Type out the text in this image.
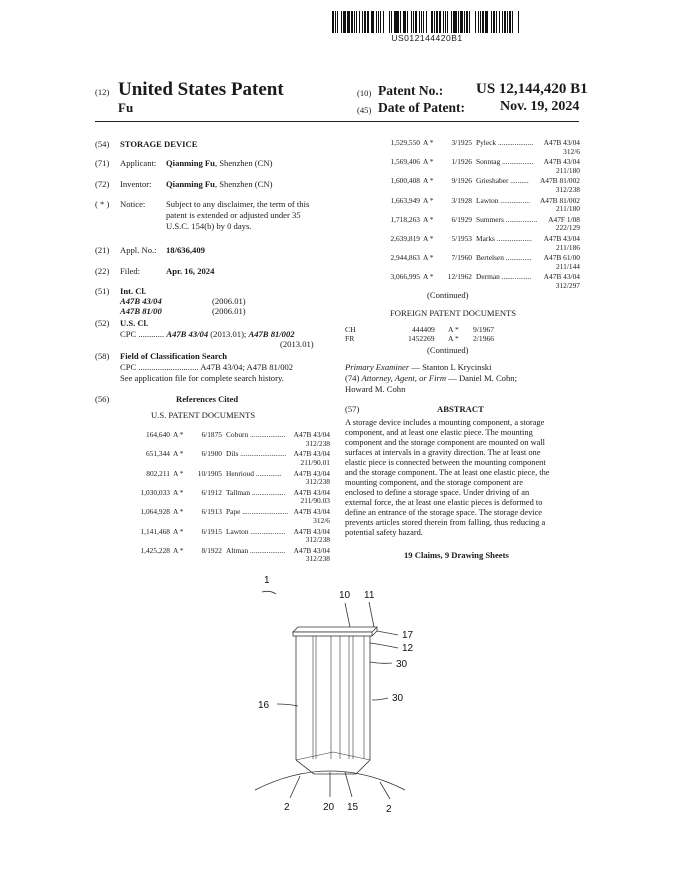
US012144420B1
(12) United States Patent
Fu
(10) Patent No.: US 12,144,420 B1
(45) Date of Patent:	Nov. 19, 2024
(54) STORAGE DEVICE
(71) Applicant: Qianming Fu, Shenzhen (CN)
(72) Inventor: Qianming Fu, Shenzhen (CN)
( * ) Notice: Subject to any disclaimer, the term of this
patent is extended or adjusted under 35
U.S.C. 154(b) by 0 days.
(21) Appl. No.: 18/636,409
(22) Filed:	Apr. 16, 2024
(51) Int. Cl.
A47B 43/04	(2006.01)
A47B 81/00	(2006.01)
(52) U.S. Cl.
CPC ............ A47B 43/04 (2013.01); A47B 81/002
(2013.01)
(58) Field of Classification Search
CPC ............................ A47B 43/04; A47B 81/002
See application file for complete search history.
(56)	References Cited
U.S. PATENT DOCUMENTS
164,640 A * 6/1875 Coburn ................... A47B 43/04
312/238
651,344 A * 6/1900 Dils ......................... A47B 43/04
211/90.01
802,211 A * 10/1905 Henrioud .............. A47B 43/04
312/238
1,030,033 A * 6/1912 Tallman .................. A47B 43/04
211/90.03
1,064,928 A * 6/1913 Pape ......................... A47B 43/04
312/6
1,141,468 A * 6/1915 Lawton ................... A47B 43/04
312/238
1,425,228 A * 8/1922 Altman ................... A47B 43/04
312/238
1,529,550 A * 3/1925 Pyleck ................... A47B 43/04
312/6
1,569,406 A * 1/1926 Sonntag ................. A47B 43/04
211/180
1,600,408 A * 9/1926 Grieshaber .......... A47B 81/002
312/238
1,663,949 A * 3/1928 Lawton ................ A47B 81/002
211/180
1,718,263 A * 6/1929 Summers ................. A47F 1/08
222/129
2,639,819 A * 5/1953 Marks ................... A47B 43/04
211/186
2,944,863 A * 7/1960 Bertelsen .............. A47B 61/00
211/144
3,066,995 A * 12/1962 Derman ................ A47B 43/04
312/297
(Continued)
FOREIGN PATENT DOCUMENTS
CH	444409 A * 9/1967
FR	1452269 A * 2/1966
(Continued)
Primary Examiner — Stanton L Krycinski
(74) Attorney, Agent, or Firm — Daniel M. Cohn;
Howard M. Cohn
(57)	ABSTRACT
A storage device includes a mounting component, a storage
component, and at least one elastic piece. The mounting
component and the storage component are mounted on wall
surfaces at intervals in a gravity direction. The at least one
elastic piece is connected between the mounting component
and the storage component. The at least one elastic piece, the
mounting component, and the storage component are
enclosed to define a storage space. Under driving of an
external force, the at least one elastic pieces is deformed to
define an entrance of the storage space. The storage device
prevents articles stored therein from falling, thus reducing a
potential safety hazard.
19 Claims, 9 Drawing Sheets
1
10 11
17
12
30
30
16
2	20 15	2
